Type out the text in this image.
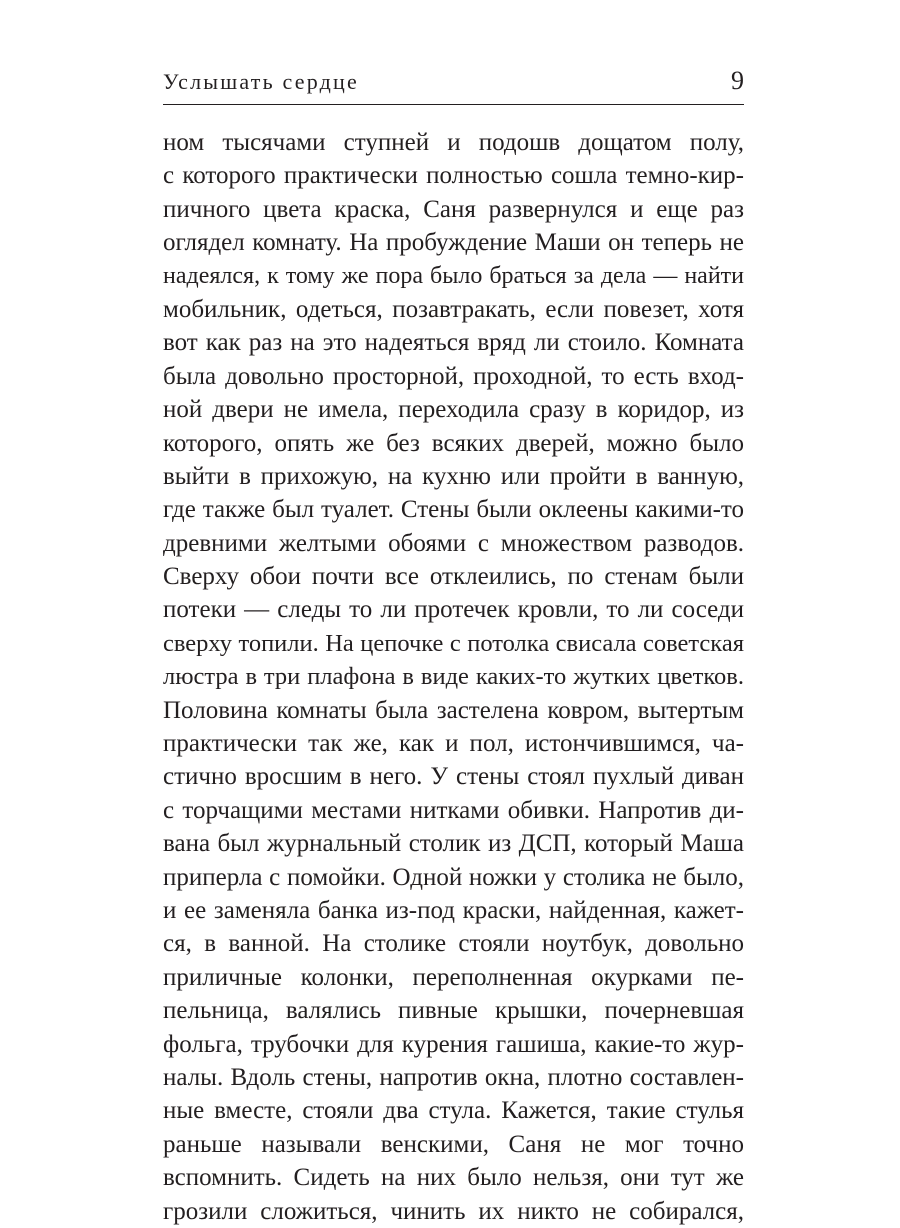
Услышать сердце	9
ном тысячами ступней и подошв дощатом полу,
с которого практически полностью сошла темно-кир-
пичного цвета краска, Саня развернулся и еще раз
оглядел комнату. На пробуждение Маши он теперь не
надеялся, к тому же пора было браться за дела — найти
мобильник, одеться, позавтракать, если повезет, хотя
вот как раз на это надеяться вряд ли стоило. Комната
была довольно просторной, проходной, то есть вход-
ной двери не имела, переходила сразу в коридор, из
которого, опять же без всяких дверей, можно было
выйти в прихожую, на кухню или пройти в ванную,
где также был туалет. Стены были оклеены какими-то
древними желтыми обоями с множеством разводов.
Сверху обои почти все отклеились, по стенам были
потеки — следы то ли протечек кровли, то ли соседи
сверху топили. На цепочке с потолка свисала советская
люстра в три плафона в виде каких-то жутких цветков.
Половина комнаты была застелена ковром, вытертым
практически так же, как и пол, истончившимся, ча-
стично вросшим в него. У стены стоял пухлый диван
с торчащими местами нитками обивки. Напротив ди-
вана был журнальный столик из ДСП, который Маша
приперла с помойки. Одной ножки у столика не было,
и ее заменяла банка из-под краски, найденная, кажет-
ся, в ванной. На столике стояли ноутбук, довольно
приличные колонки, переполненная окурками пе-
пельница, валялись пивные крышки, почерневшая
фольга, трубочки для курения гашиша, какие-то жур-
налы. Вдоль стены, напротив окна, плотно составлен-
ные вместе, стояли два стула. Кажется, такие стулья
раньше называли венскими, Саня не мог точно
вспомнить. Сидеть на них было нельзя, они тут же
грозили сложиться, чинить их никто не собирался,
